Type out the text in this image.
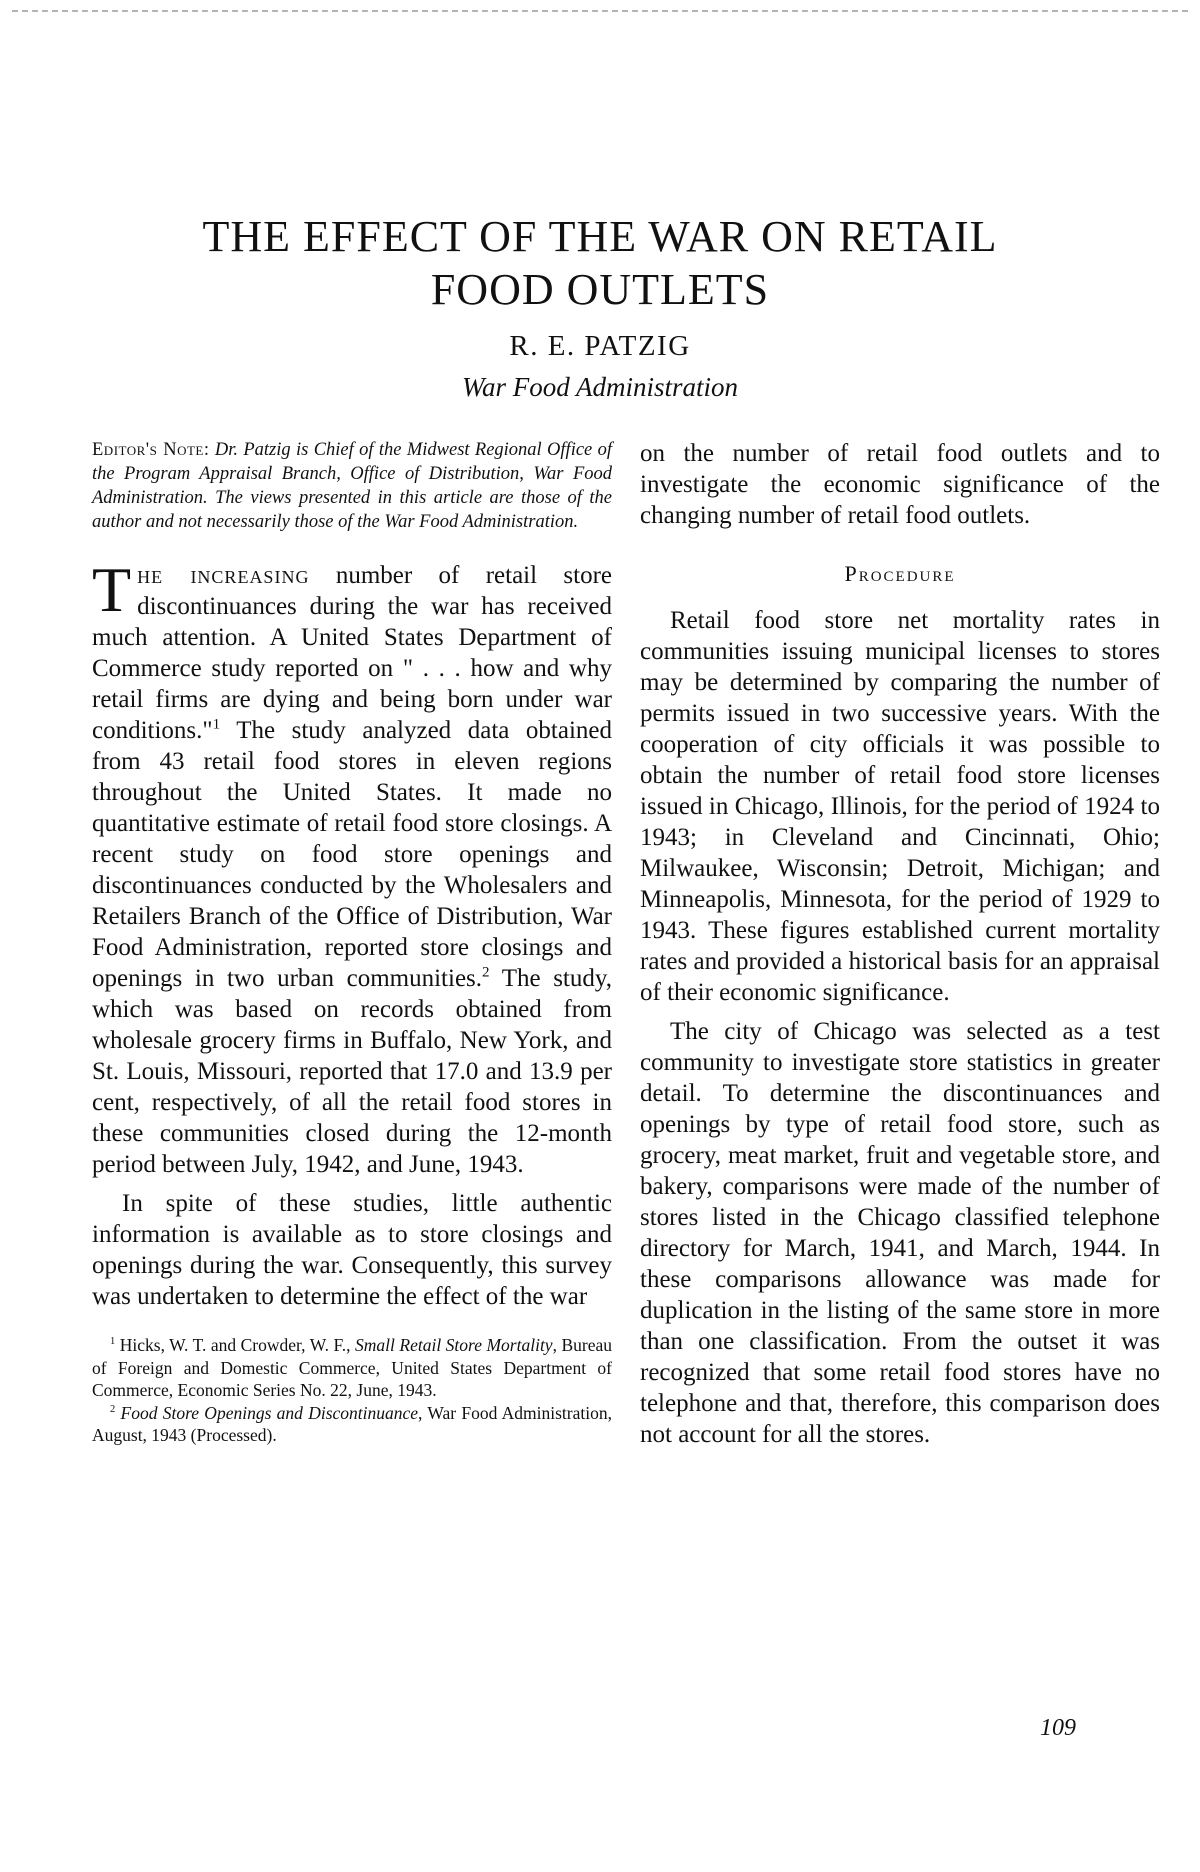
THE EFFECT OF THE WAR ON RETAIL
FOOD OUTLETS
R. E. PATZIG
War Food Administration

Editor's Note: Dr. Patzig is Chief of the Midwest Regional Office of the Program Appraisal Branch, Office of Distribution, War Food Administration. The views presented in this article are those of the author and not necessarily those of the War Food Administration.

The increasing number of retail store discontinuances during the war has received much attention. A United States Department of Commerce study reported on " . . . how and why retail firms are dying and being born under war conditions."$^1$ The study analyzed data obtained from 43 retail food stores in eleven regions throughout the United States. It made no quantitative estimate of retail food store closings. A recent study on food store openings and discontinuances conducted by the Wholesalers and Retailers Branch of the Office of Distribution, War Food Administration, reported store closings and openings in two urban communities.$^2$ The study, which was based on records obtained from wholesale grocery firms in Buffalo, New York, and St. Louis, Missouri, reported that 17.0 and 13.9 per cent, respectively, of all the retail food stores in these communities closed during the 12-month period between July, 1942, and June, 1943.

In spite of these studies, little authentic information is available as to store closings and openings during the war. Consequently, this survey was undertaken to determine the effect of the war

$^1$ Hicks, W. T. and Crowder, W. F., Small Retail Store Mortality, Bureau of Foreign and Domestic Commerce, United States Department of Commerce, Economic Series No. 22, June, 1943.

$^2$ Food Store Openings and Discontinuance, War Food Administration, August, 1943 (Processed).

on the number of retail food outlets and to investigate the economic significance of the changing number of retail food outlets.

Procedure

Retail food store net mortality rates in communities issuing municipal licenses to stores may be determined by comparing the number of permits issued in two successive years. With the cooperation of city officials it was possible to obtain the number of retail food store licenses issued in Chicago, Illinois, for the period of 1924 to 1943; in Cleveland and Cincinnati, Ohio; Milwaukee, Wisconsin; Detroit, Michigan; and Minneapolis, Minnesota, for the period of 1929 to 1943. These figures established current mortality rates and provided a historical basis for an appraisal of their economic significance.

The city of Chicago was selected as a test community to investigate store statistics in greater detail. To determine the discontinuances and openings by type of retail food store, such as grocery, meat market, fruit and vegetable store, and bakery, comparisons were made of the number of stores listed in the Chicago classified telephone directory for March, 1941, and March, 1944. In these comparisons allowance was made for duplication in the listing of the same store in more than one classification. From the outset it was recognized that some retail food stores have no telephone and that, therefore, this comparison does not account for all the stores.

109
